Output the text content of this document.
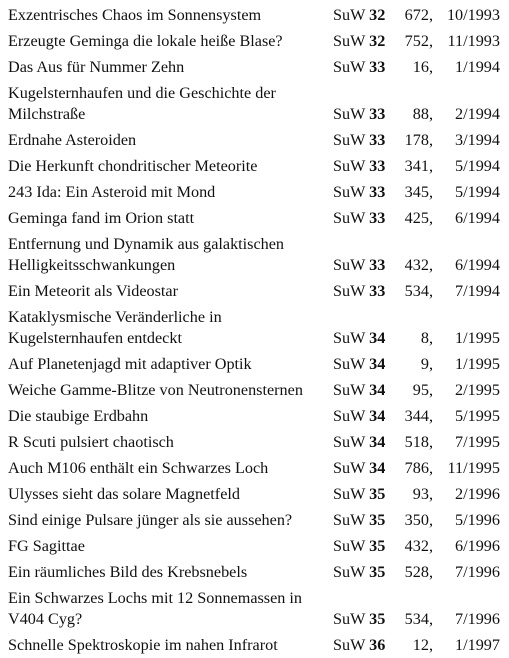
Exzentrisches Chaos im Sonnensystem	SuW 32	672, 10/1993
Erzeugte Geminga die lokale heiße Blase?	SuW 32	752, 11/1993
Das Aus für Nummer Zehn	SuW 33	16,	1/1994
Kugelsternhaufen und die Geschichte der Milchstraße	SuW 33	88,	2/1994
Erdnahe Asteroiden	SuW 33	178,	3/1994
Die Herkunft chondritischer Meteorite	SuW 33	341,	5/1994
243 Ida: Ein Asteroid mit Mond	SuW 33	345,	5/1994
Geminga fand im Orion statt	SuW 33	425,	6/1994
Entfernung und Dynamik aus galaktischen Helligkeitsschwankungen	SuW 33	432,	6/1994
Ein Meteorit als Videostar	SuW 33	534,	7/1994
Kataklysmische Veränderliche in Kugelsternhaufen entdeckt	SuW 34	8,	1/1995
Auf Planetenjagd mit adaptiver Optik	SuW 34	9,	1/1995
Weiche Gamme-Blitze von Neutronensternen	SuW 34	95,	2/1995
Die staubige Erdbahn	SuW 34	344,	5/1995
R Scuti pulsiert chaotisch	SuW 34	518,	7/1995
Auch M106 enthält ein Schwarzes Loch	SuW 34	786, 11/1995
Ulysses sieht das solare Magnetfeld	SuW 35	93,	2/1996
Sind einige Pulsare jünger als sie aussehen?	SuW 35	350,	5/1996
FG Sagittae	SuW 35	432,	6/1996
Ein räumliches Bild des Krebsnebels	SuW 35	528,	7/1996
Ein Schwarzes Lochs mit 12 Sonnemassen in V404 Cyg?	SuW 35	534,	7/1996
Schnelle Spektroskopie im nahen Infrarot	SuW 36	12,	1/1997
